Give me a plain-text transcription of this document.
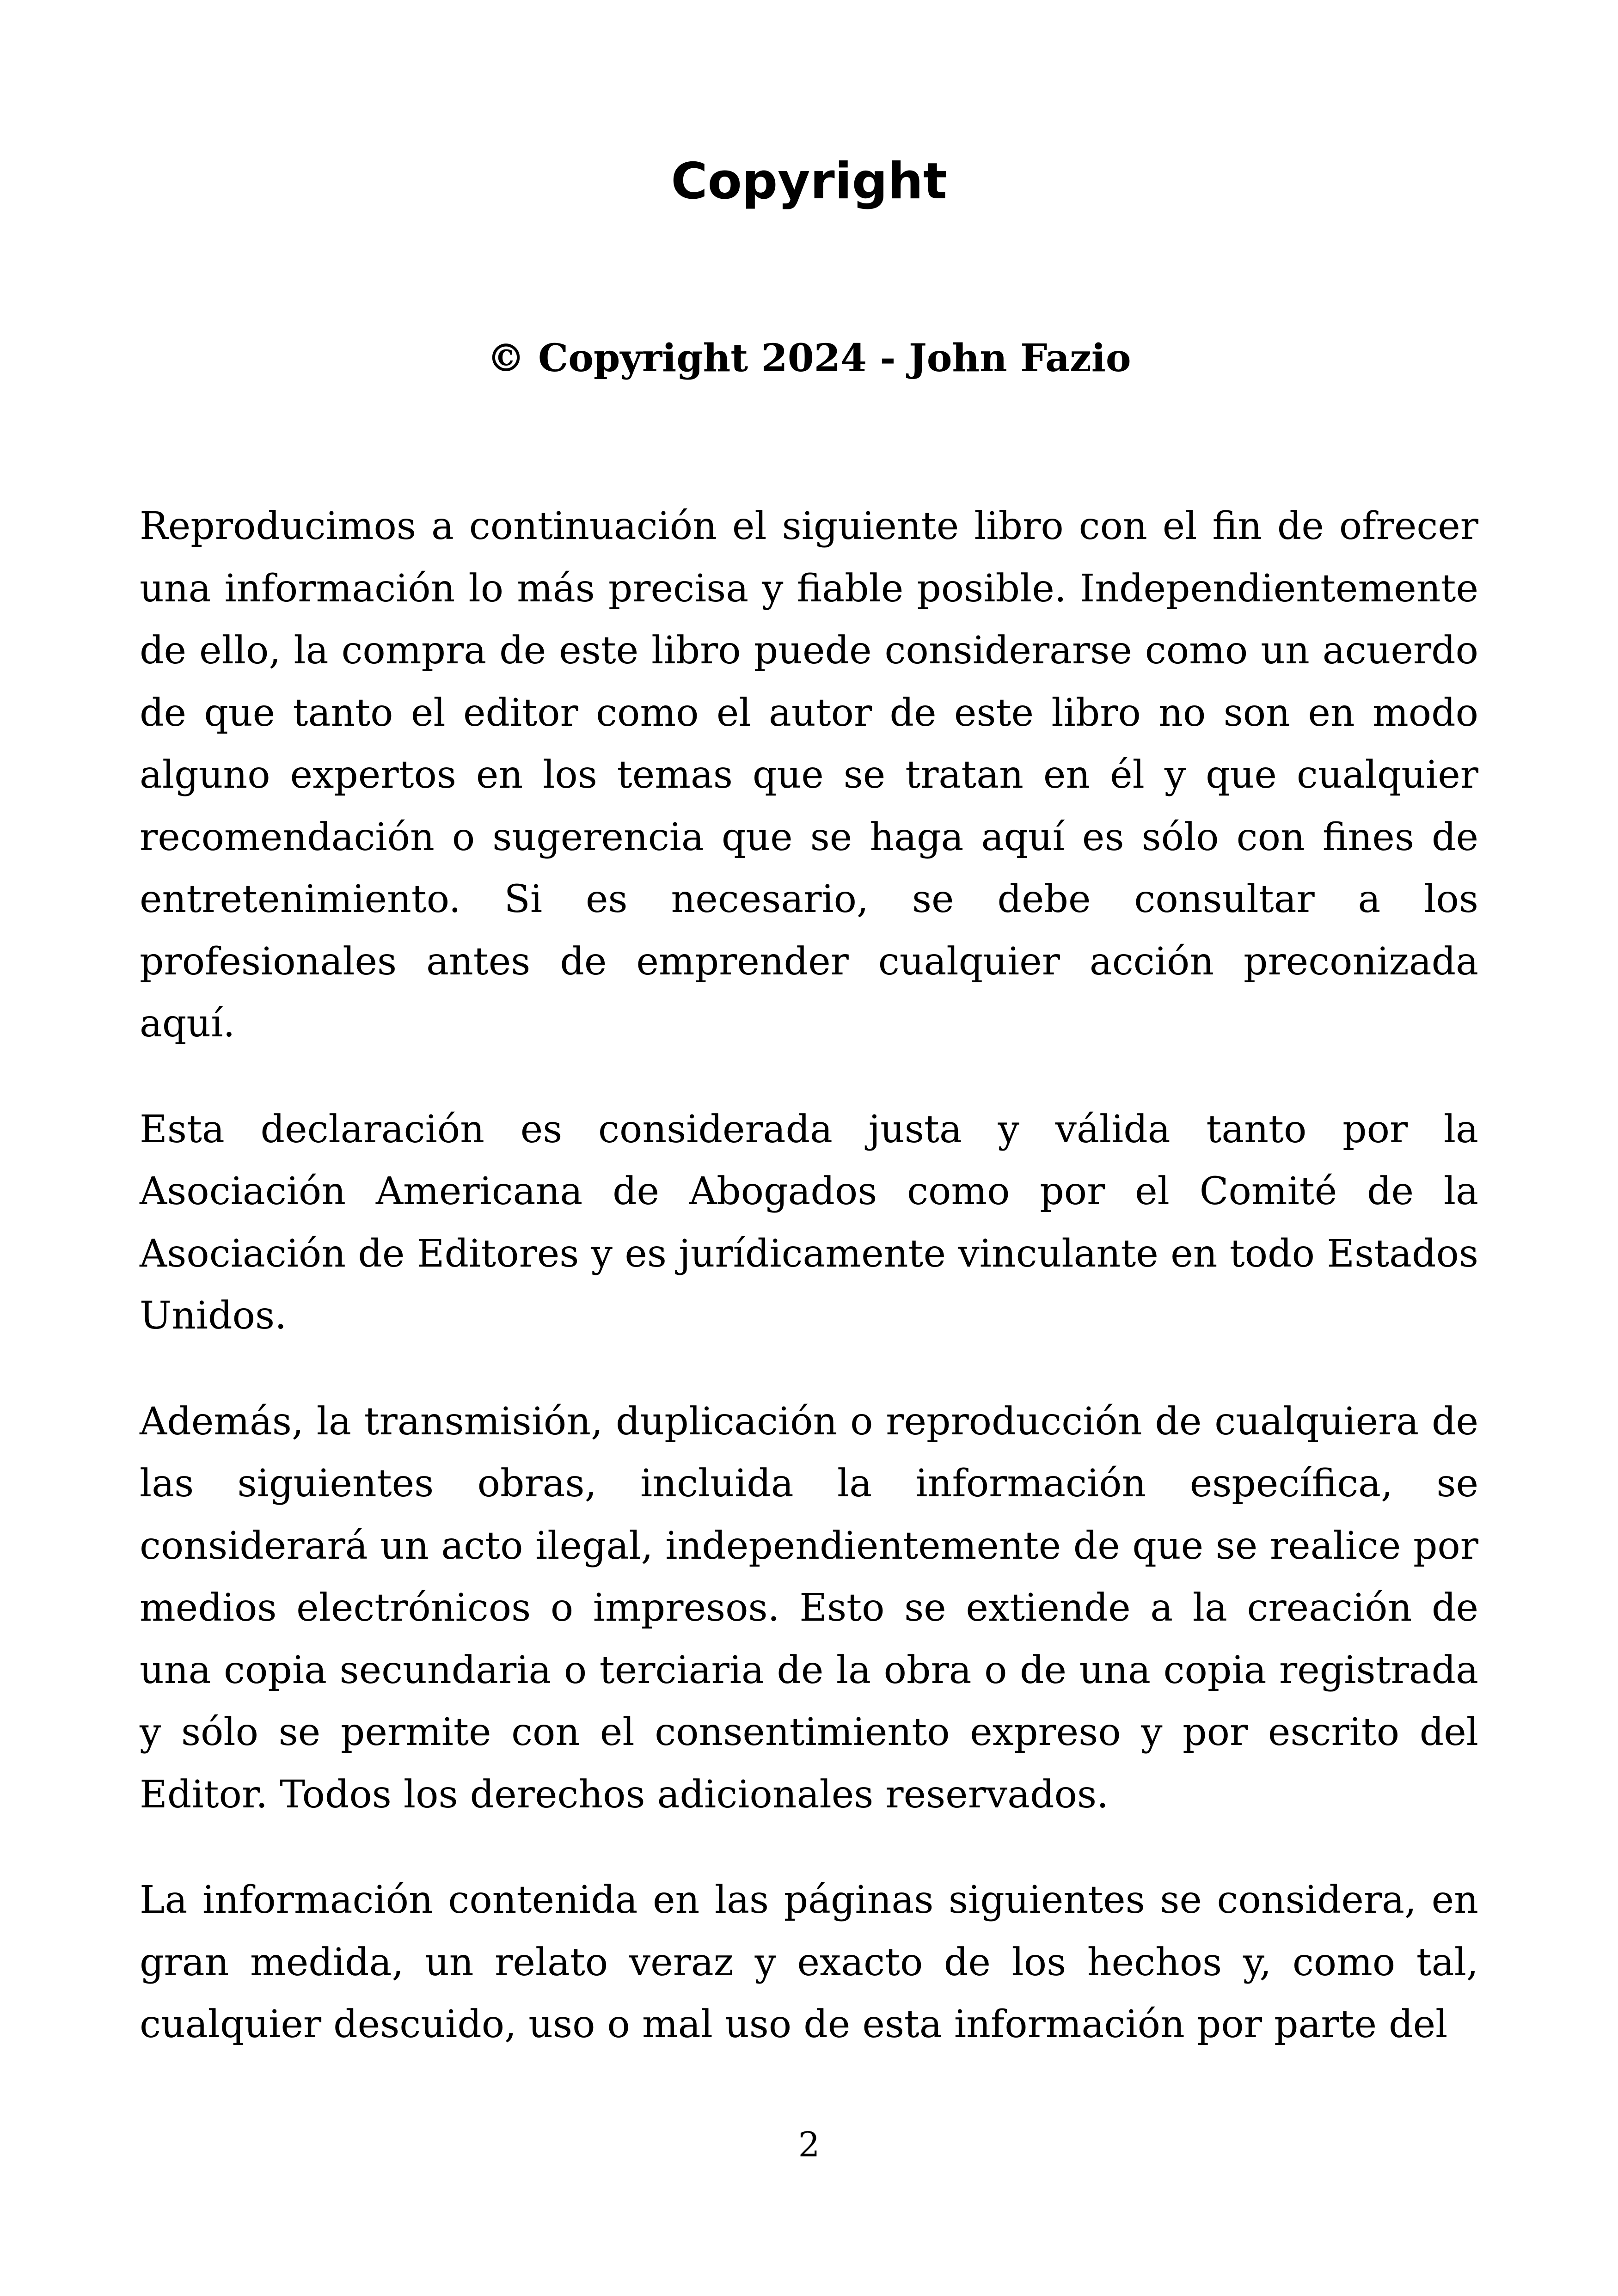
Copyright
© Copyright 2024 - John Fazio

Reproducimos a continuación el siguiente libro con el fin de ofrecer una información lo más precisa y fiable posible. Independientemente de ello, la compra de este libro puede considerarse como un acuerdo de que tanto el editor como el autor de este libro no son en modo alguno expertos en los temas que se tratan en él y que cualquier recomendación o sugerencia que se haga aquí es sólo con fines de entretenimiento. Si es necesario, se debe consultar a los profesionales antes de emprender cualquier acción preconizada aquí.

Esta declaración es considerada justa y válida tanto por la Asociación Americana de Abogados como por el Comité de la Asociación de Editores y es jurídicamente vinculante en todo Estados Unidos.

Además, la transmisión, duplicación o reproducción de cualquiera de las siguientes obras, incluida la información específica, se considerará un acto ilegal, independientemente de que se realice por medios electrónicos o impresos. Esto se extiende a la creación de una copia secundaria o terciaria de la obra o de una copia registrada y sólo se permite con el consentimiento expreso y por escrito del Editor. Todos los derechos adicionales reservados.

La información contenida en las páginas siguientes se considera, en gran medida, un relato veraz y exacto de los hechos y, como tal, cualquier descuido, uso o mal uso de esta información por parte del

2
